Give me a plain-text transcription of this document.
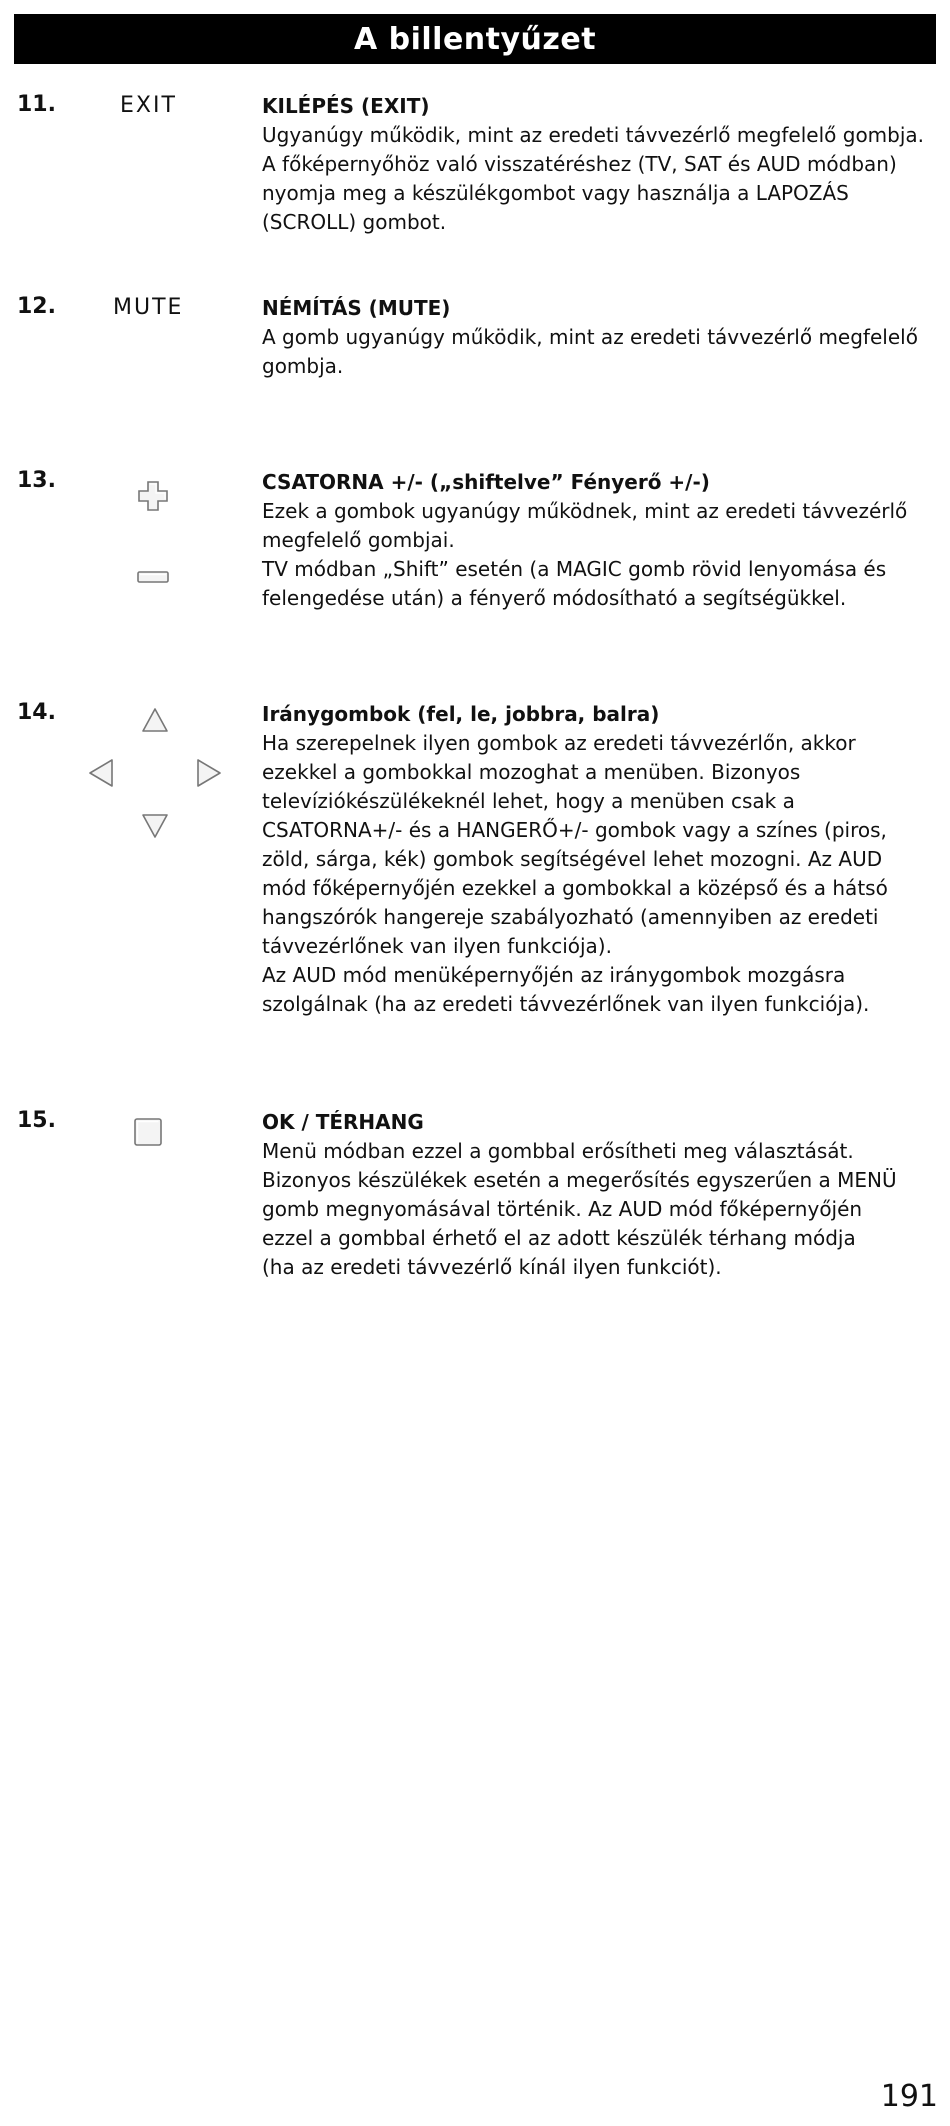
A billentyűzet
11.	EXIT	KILÉPÉS (EXIT)
Ugyanúgy működik, mint az eredeti távvezérlő megfelelő gombja.
A főképernyőhöz való visszatéréshez (TV, SAT és AUD módban)
nyomja meg a készülékgombot vagy használja a LAPOZÁS
(SCROLL) gombot.
12.	MUTE	NÉMÍTÁS (MUTE)
A gomb ugyanúgy működik, mint az eredeti távvezérlő megfelelő
gombja.
13.	CSATORNA +/- („shiftelve” Fényerő +/-)
Ezek a gombok ugyanúgy működnek, mint az eredeti távvezérlő
megfelelő gombjai.
TV módban „Shift” esetén (a MAGIC gomb rövid lenyomása és
felengedése után) a fényerő módosítható a segítségükkel.
14.	Iránygombok (fel, le, jobbra, balra)
Ha szerepelnek ilyen gombok az eredeti távvezérlőn, akkor
ezekkel a gombokkal mozoghat a menüben. Bizonyos
televíziókészülékeknél lehet, hogy a menüben csak a
CSATORNA+/- és a HANGERŐ+/- gombok vagy a színes (piros,
zöld, sárga, kék) gombok segítségével lehet mozogni. Az AUD
mód főképernyőjén ezekkel a gombokkal a középső és a hátsó
hangszórók hangereje szabályozható (amennyiben az eredeti
távvezérlőnek van ilyen funkciója).
Az AUD mód menüképernyőjén az iránygombok mozgásra
szolgálnak (ha az eredeti távvezérlőnek van ilyen funkciója).
15.	OK / TÉRHANG
Menü módban ezzel a gombbal erősítheti meg választását.
Bizonyos készülékek esetén a megerősítés egyszerűen a MENÜ
gomb megnyomásával történik. Az AUD mód főképernyőjén
ezzel a gombbal érhető el az adott készülék térhang módja
(ha az eredeti távvezérlő kínál ilyen funkciót).
191
